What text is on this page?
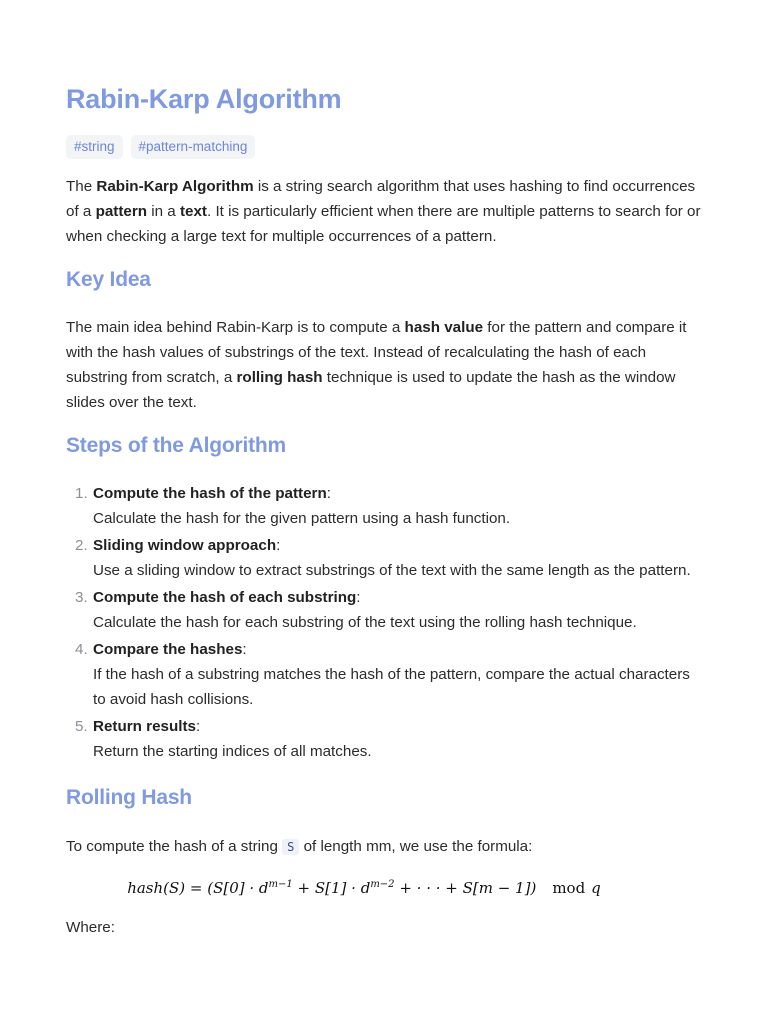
Rabin-Karp Algorithm
#string	#pattern-matching

The Rabin-Karp Algorithm is a string search algorithm that uses hashing to find occurrences of a pattern in a text. It is particularly efficient when there are multiple patterns to search for or when checking a large text for multiple occurrences of a pattern.

Key Idea

The main idea behind Rabin-Karp is to compute a hash value for the pattern and compare it with the hash values of substrings of the text. Instead of recalculating the hash of each substring from scratch, a rolling hash technique is used to update the hash as the window slides over the text.

Steps of the Algorithm
1. Compute the hash of the pattern:
Calculate the hash for the given pattern using a hash function.
2. Sliding window approach:
Use a sliding window to extract substrings of the text with the same length as the pattern.
3. Compute the hash of each substring:
Calculate the hash for each substring of the text using the rolling hash technique.
4. Compare the hashes:
If the hash of a substring matches the hash of the pattern, compare the actual characters to avoid hash collisions.
5. Return results:
Return the starting indices of all matches.
Rolling Hash

To compute the hash of a string S of length mm, we use the formula:

hash(S) = ($S[0] \cdot d^{m-1} + S[1] \cdot d^{m-2}$ + · · · + S[m − 1]) mod q

Where:
